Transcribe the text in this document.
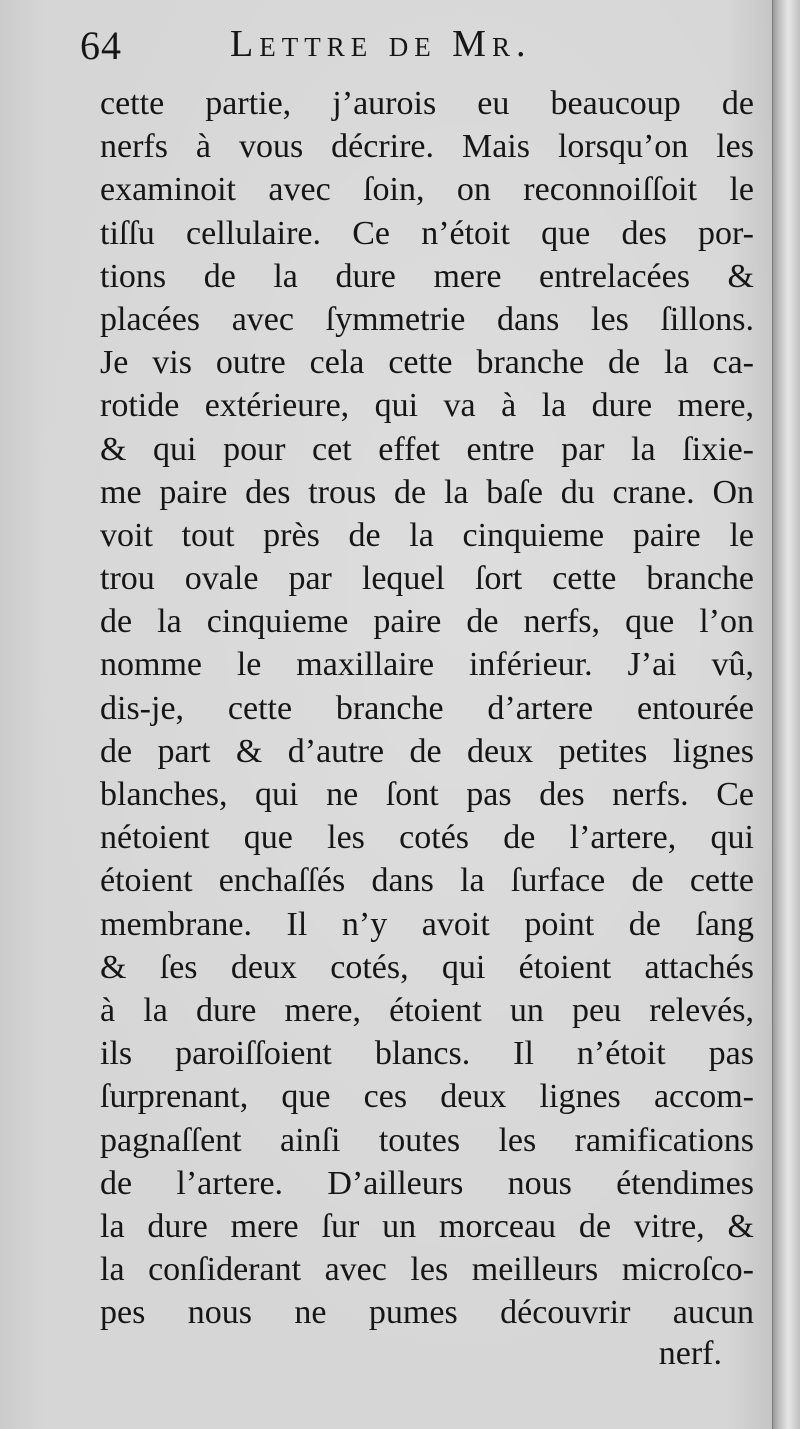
64	Lettre de Mr.
cette partie, j’aurois eu beaucoup de
nerfs à vous décrire. Mais lorsqu’on les
examinoit avec ſoin, on reconnoiſſoit le
tiſſu cellulaire. Ce n’étoit que des por-
tions de la dure mere entrelacées &
placées avec ſymmetrie dans les ſillons.
Je vis outre cela cette branche de la ca-
rotide extérieure, qui va à la dure mere,
& qui pour cet effet entre par la ſixie-
me paire des trous de la baſe du crane. On
voit tout près de la cinquieme paire le
trou ovale par lequel ſort cette branche
de la cinquieme paire de nerfs, que l’on
nomme le maxillaire inférieur. J’ai vû,
dis-je, cette branche d’artere entourée
de part & d’autre de deux petites lignes
blanches, qui ne ſont pas des nerfs. Ce
nétoient que les cotés de l’artere, qui
étoient enchaſſés dans la ſurface de cette
membrane. Il n’y avoit point de ſang
& ſes deux cotés, qui étoient attachés
à la dure mere, étoient un peu relevés,
ils paroiſſoient blancs. Il n’étoit pas
ſurprenant, que ces deux lignes accom-
pagnaſſent ainſi toutes les ramifications
de l’artere. D’ailleurs nous étendimes
la dure mere ſur un morceau de vitre, &
la conſiderant avec les meilleurs microſco-
pes nous ne pumes découvrir aucun
nerf.
